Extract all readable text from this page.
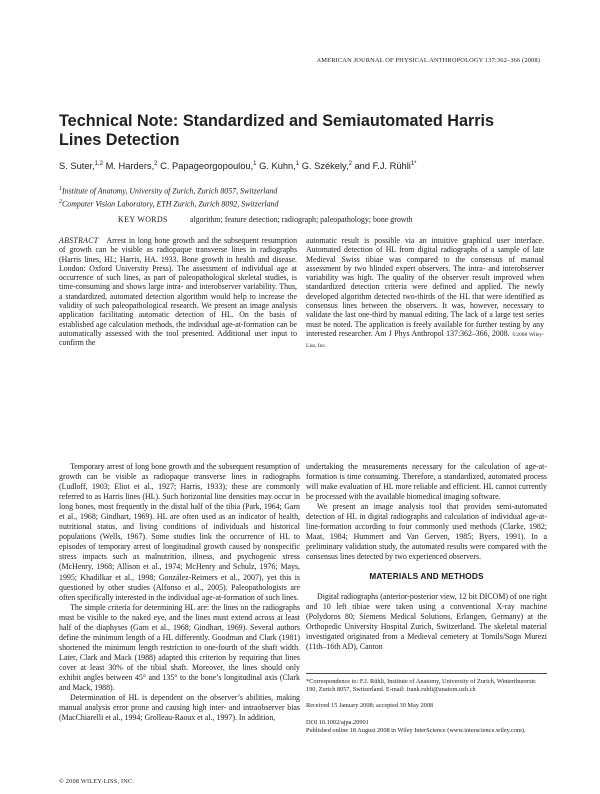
AMERICAN JOURNAL OF PHYSICAL ANTHROPOLOGY 137:362–366 (2008)
Technical Note: Standardized and Semiautomated Harris Lines Detection

S. Suter,$^{1,2}$ M. Harders,$^2$ C. Papageorgopoulou,$^1$ G. Kuhn,$^1$ G. Székely,$^2$ and F.J. Rühli$^{1*}$

$^1$Institute of Anatomy, University of Zurich, Zurich 8057, Switzerland
$^2$Computer Vision Laboratory, ETH Zurich, Zurich 8092, Switzerland
KEY WORDS	algorithm; feature detection; radiograph; paleopathology; bone growth

ABSTRACT Arrest in long bone growth and the subsequent resumption of growth can be visible as radiopaque transverse lines in radiographs (Harris lines, HL; Harris, HA. 1933. Bone growth in health and disease. London: Oxford University Press). The assessment of individual age at occurrence of such lines, as part of paleopathological skeletal studies, is time-consuming and shows large intra- and interobserver variability. Thus, a standardized, automated detection algorithm would help to increase the validity of such paleopathological research. We present an image analysis application facilitating automatic detection of HL. On the basis of established age calculation methods, the individual age-at-formation can be automatically assessed with the tool presented. Additional user input to confirm the

automatic result is possible via an intuitive graphical user interface. Automated detection of HL from digital radiographs of a sample of late Medieval Swiss tibiae was compared to the consensus of manual assessment by two blinded expert observers. The intra- and interobserver variability was high. The quality of the observer result improved when standardized detection criteria were defined and applied. The newly developed algorithm detected two-thirds of the HL that were identified as consensus lines between the observers. It was, however, necessary to validate the last one-third by manual editing. The lack of a large test series must be noted. The application is freely available for further testing by any interested researcher. Am J Phys Anthropol 137:362–366, 2008. ©2008 Wiley-Liss, Inc.

Temporary arrest of long bone growth and the subsequent resumption of growth can be visible as radiopaque transverse lines in radiographs (Ludloff, 1903; Eliot et al., 1927; Harris, 1933); these are commonly referred to as Harris lines (HL). Such horizontal line densities may occur in long bones, most frequently in the distal half of the tibia (Park, 1964; Garn et al., 1968; Gindhart, 1969). HL are often used as an indicator of health, nutritional status, and living conditions of individuals and historical populations (Wells, 1967). Some studies link the occurrence of HL to episodes of temporary arrest of longitudinal growth caused by nonspecific stress impacts such as malnutrition, illness, and psychogenic stress (McHenry, 1968; Allison et al., 1974; McHenry and Schulz, 1976; Mays, 1995; Khadilkar et al., 1998; González-Reimers et al., 2007), yet this is questioned by other studies (Alfonso et al., 2005). Paleopathologists are often specifically interested in the individual age-at-formation of such lines.

The simple criteria for determining HL are: the lines on the radiographs must be visible to the naked eye, and the lines must extend across at least half of the diaphyses (Garn et al., 1968; Gindhart, 1969). Several authors define the minimum length of a HL differently. Goodman and Clark (1981) shortened the minimum length restriction to one-fourth of the shaft width. Later, Clark and Mack (1988) adapted this criterion by requiring that lines cover at least 30% of the tibial shaft. Moreover, the lines should only exhibit angles between 45° and 135° to the bone’s longitudinal axis (Clark and Mack, 1988).

Determination of HL is dependent on the observer’s abilities, making manual analysis error prone and causing high inter- and intraobserver bias (MacChiarelli et al., 1994; Grolleau-Raoux et al., 1997). In addition,

undertaking the measurements necessary for the calculation of age-at-formation is time consuming. Therefore, a standardized, automated process will make evaluation of HL more reliable and efficient. HL cannot currently be processed with the available biomedical imaging software.

We present an image analysis tool that provides semi-automated detection of HL in digital radiographs and calculation of individual age-at-line-formation according to four commonly used methods (Clarke, 1982; Maat, 1984; Hummert and Van Gerven, 1985; Byers, 1991). In a preliminary validation study, the automated results were compared with the consensus lines detected by two experienced observers.

MATERIALS AND METHODS

Digital radiographs (anterior-posterior view, 12 bit DICOM) of one right and 10 left tibiae were taken using a conventional X-ray machine (Polydoros 80; Siemens Medical Solutions, Erlangen, Germany) at the Orthopedic University Hospital Zurich, Switzerland. The skeletal material investigated originated from a Medieval cemetery at Tomils/Sogn Murezi (11th–16th AD), Canton

*Correspondence to: F.J. Rühli, Institute of Anatomy, University of Zurich, Winterthurerstr. 190, Zurich 8057, Switzerland. E-mail: frank.ruhli@anatom.uzh.ch

Received 15 January 2008; accepted 30 May 2008

DOI 10.1002/ajpa.20901

Published online 18 August 2008 in Wiley InterScience (www.interscience.wiley.com).

© 2008 WILEY-LISS, INC.
